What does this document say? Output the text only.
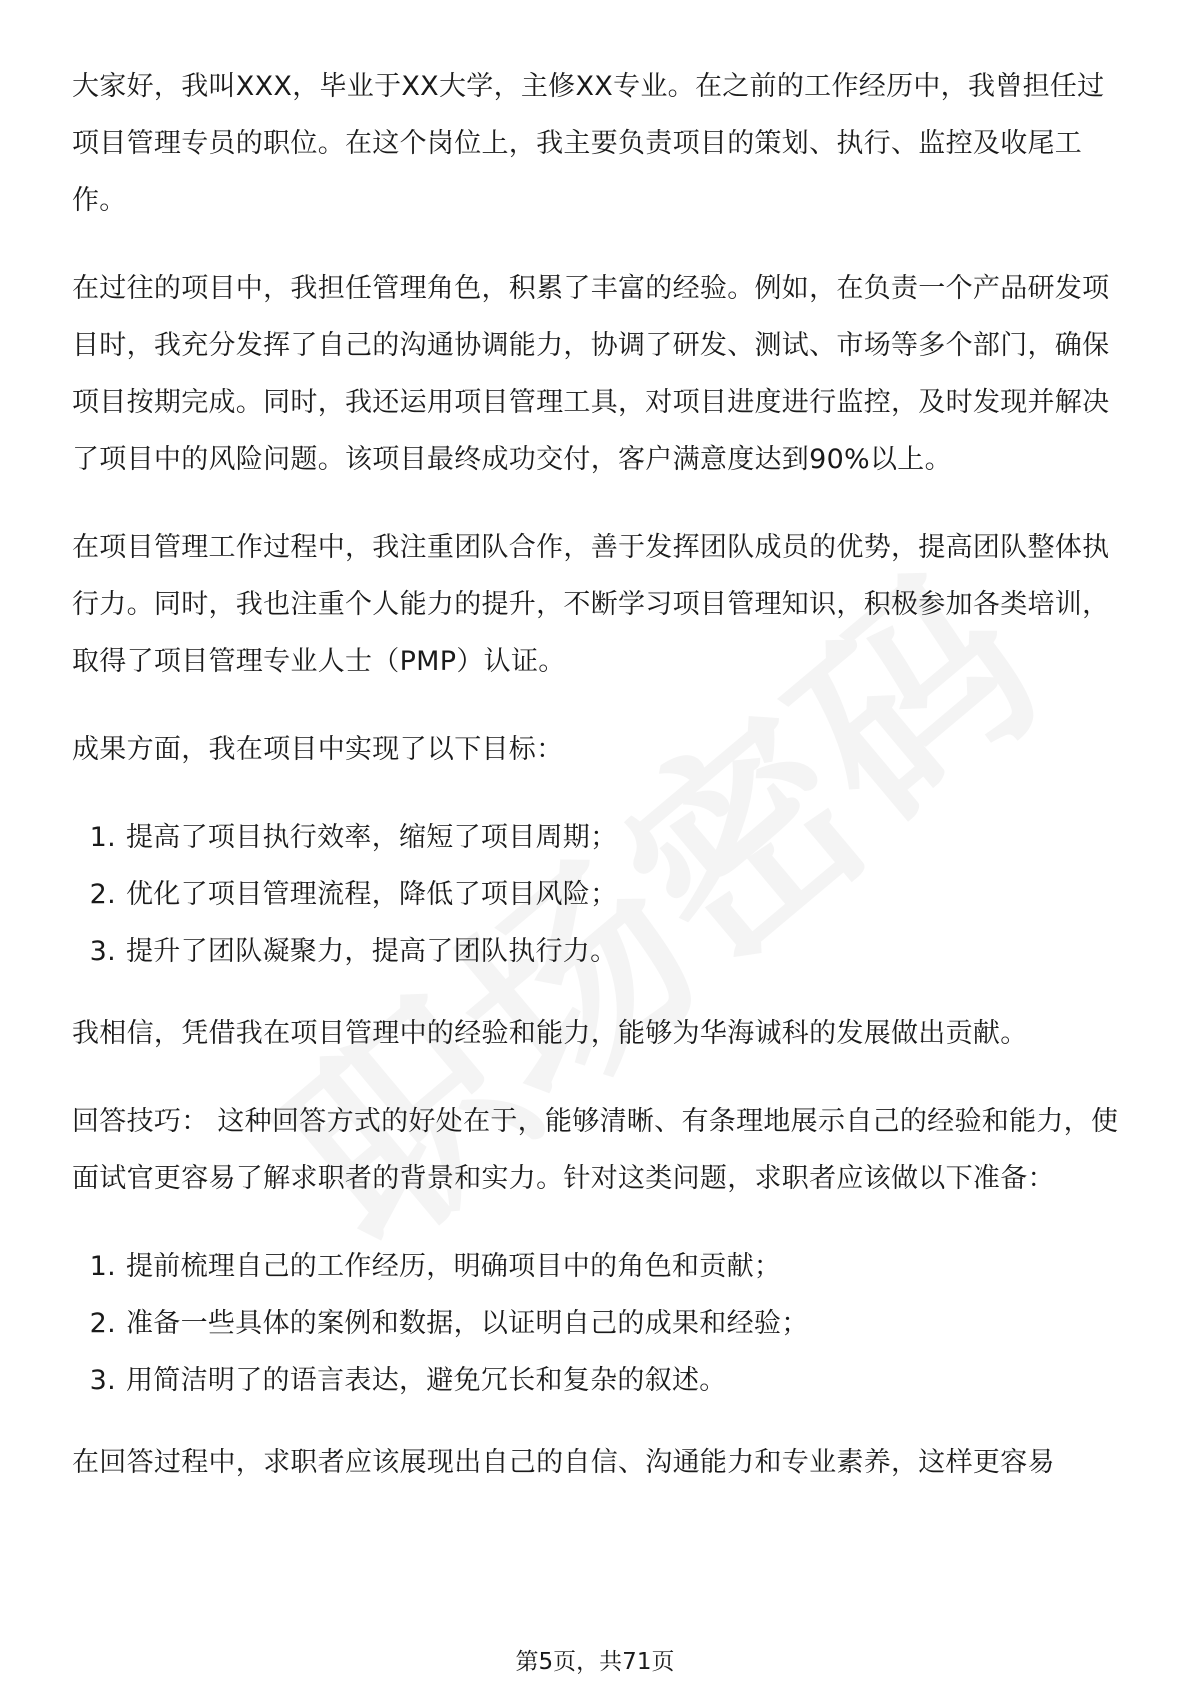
大家好，我叫XXX，毕业于XX大学，主修XX专业。在之前的工作经历中，我曾担任过项目管理专员的职位。在这个岗位上，我主要负责项目的策划、执行、监控及收尾工作。

在过往的项目中，我担任管理角色，积累了丰富的经验。例如，在负责一个产品研发项目时，我充分发挥了自己的沟通协调能力，协调了研发、测试、市场等多个部门，确保项目按期完成。同时，我还运用项目管理工具，对项目进度进行监控，及时发现并解决了项目中的风险问题。该项目最终成功交付，客户满意度达到90%以上。

在项目管理工作过程中，我注重团队合作，善于发挥团队成员的优势，提高团队整体执行力。同时，我也注重个人能力的提升，不断学习项目管理知识，积极参加各类培训，取得了项目管理专业人士（PMP）认证。

成果方面，我在项目中实现了以下目标：

1. 提高了项目执行效率，缩短了项目周期；
2. 优化了项目管理流程，降低了项目风险；
3. 提升了团队凝聚力，提高了团队执行力。

我相信，凭借我在项目管理中的经验和能力，能够为华海诚科的发展做出贡献。

回答技巧： 这种回答方式的好处在于，能够清晰、有条理地展示自己的经验和能力，使面试官更容易了解求职者的背景和实力。针对这类问题，求职者应该做以下准备：

1. 提前梳理自己的工作经历，明确项目中的角色和贡献；
2. 准备一些具体的案例和数据，以证明自己的成果和经验；
3. 用简洁明了的语言表达，避免冗长和复杂的叙述。

在回答过程中，求职者应该展现出自己的自信、沟通能力和专业素养，这样更容易

第5页，共71页
